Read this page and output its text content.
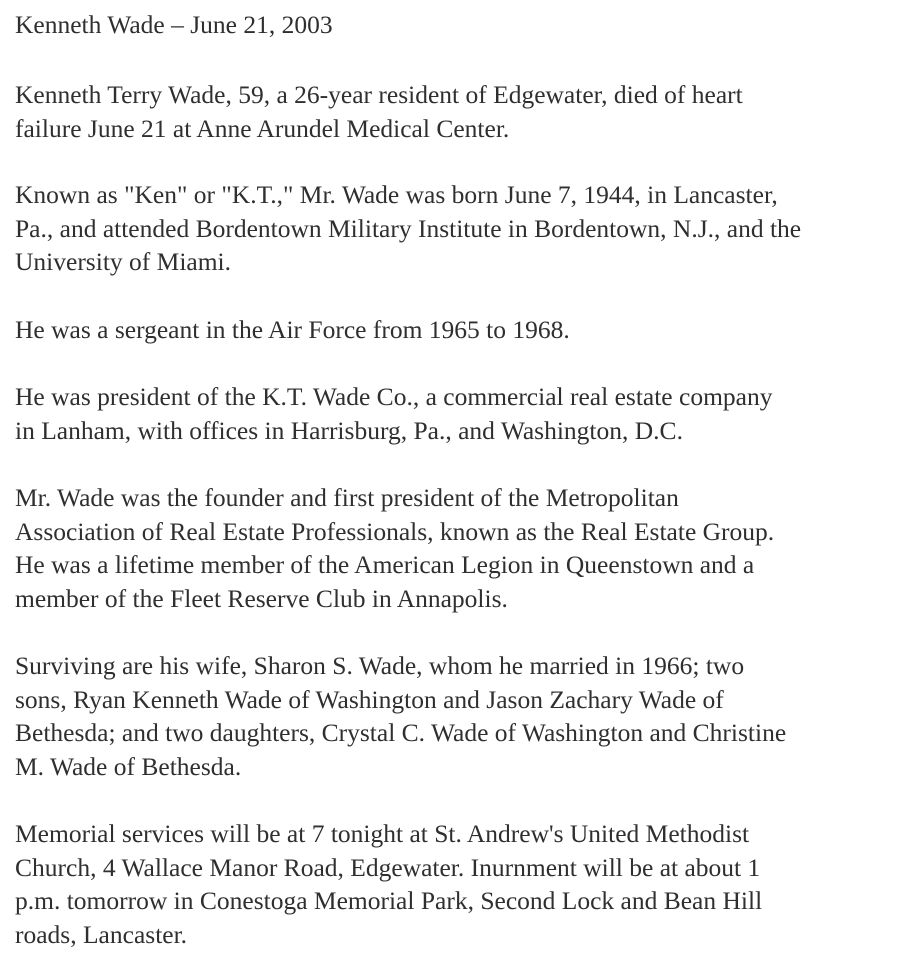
Kenneth Wade – June 21, 2003
Kenneth Terry Wade, 59, a 26-year resident of Edgewater, died of heart
failure June 21 at Anne Arundel Medical Center.
Known as "Ken" or "K.T.," Mr. Wade was born June 7, 1944, in Lancaster,
Pa., and attended Bordentown Military Institute in Bordentown, N.J., and the
University of Miami.
He was a sergeant in the Air Force from 1965 to 1968.
He was president of the K.T. Wade Co., a commercial real estate company
in Lanham, with offices in Harrisburg, Pa., and Washington, D.C.
Mr. Wade was the founder and first president of the Metropolitan
Association of Real Estate Professionals, known as the Real Estate Group.
He was a lifetime member of the American Legion in Queenstown and a
member of the Fleet Reserve Club in Annapolis.
Surviving are his wife, Sharon S. Wade, whom he married in 1966; two
sons, Ryan Kenneth Wade of Washington and Jason Zachary Wade of
Bethesda; and two daughters, Crystal C. Wade of Washington and Christine
M. Wade of Bethesda.
Memorial services will be at 7 tonight at St. Andrew's United Methodist
Church, 4 Wallace Manor Road, Edgewater. Inurnment will be at about 1
p.m. tomorrow in Conestoga Memorial Park, Second Lock and Bean Hill
roads, Lancaster.
